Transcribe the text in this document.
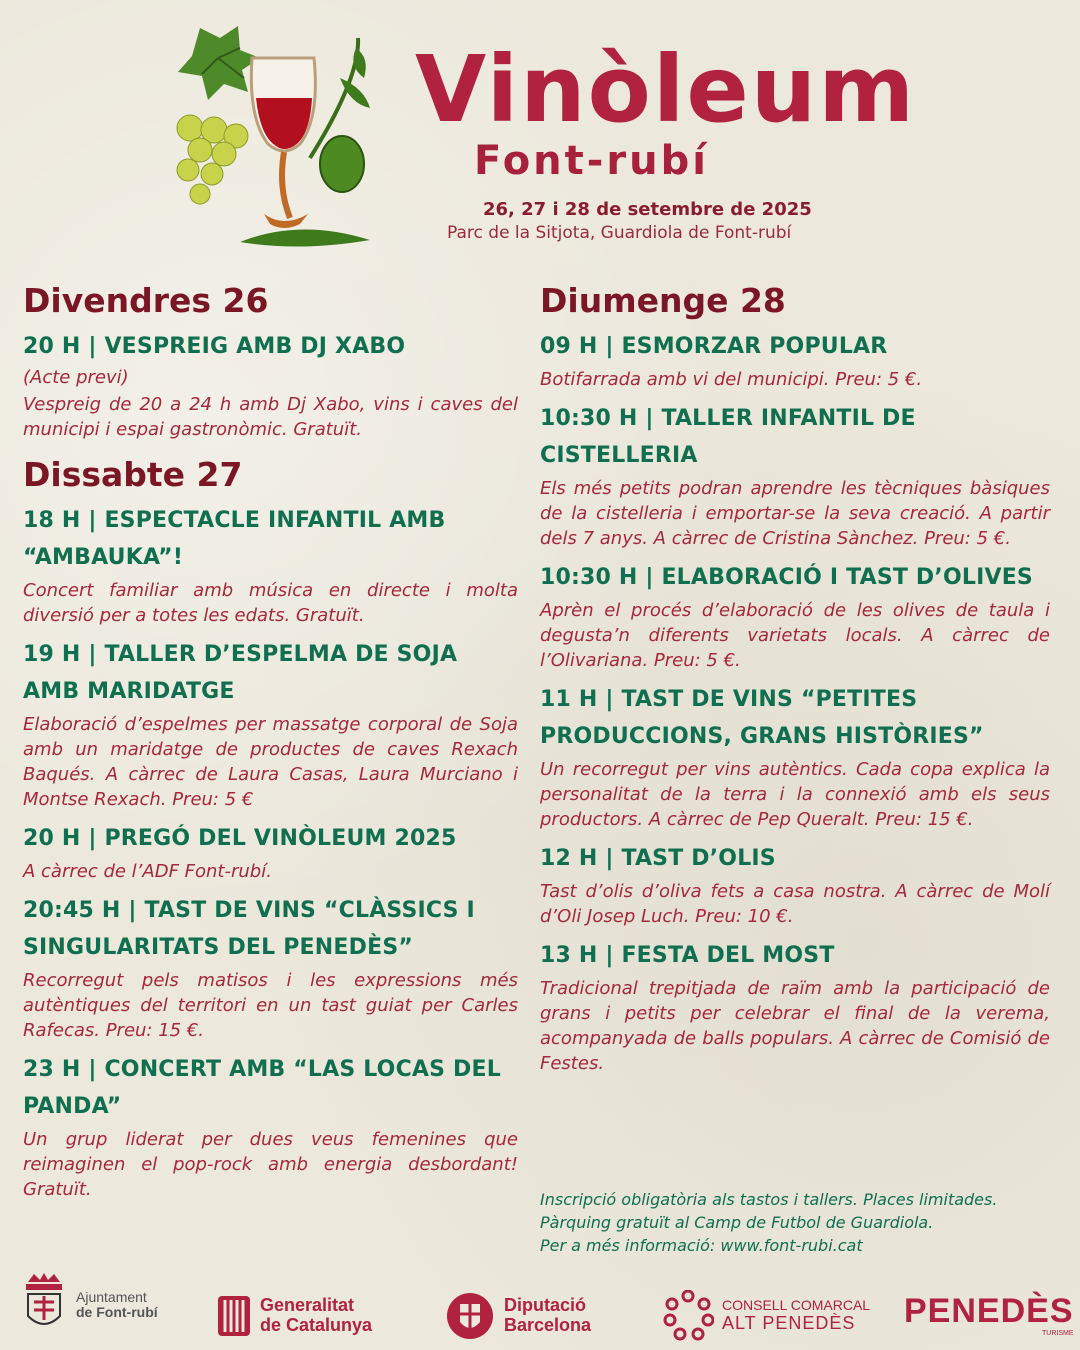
Vinòleum
Font-rubí
26, 27 i 28 de setembre de 2025
Parc de la Sitjota, Guardiola de Font-rubí
Divendres 26

20 H | VESPREIG AMB DJ XABO

(Acte previ)

Vespreig de 20 a 24 h amb Dj Xabo, vins i caves del municipi i espai gastronòmic. Gratuït.

Dissabte 27

18 H | ESPECTACLE INFANTIL AMB “AMBAUKA”!

Concert familiar amb música en directe i molta diversió per a totes les edats. Gratuït.

19 H | TALLER D’ESPELMA DE SOJA AMB MARIDATGE

Elaboració d’espelmes per massatge corporal de Soja amb un maridatge de productes de caves Rexach Baqués. A càrrec de Laura Casas, Laura Murciano i Montse Rexach. Preu: 5 €

20 H | PREGÓ DEL VINÒLEUM 2025

A càrrec de l’ADF Font-rubí.

20:45 H | TAST DE VINS “CLÀSSICS I SINGULARITATS DEL PENEDÈS”

Recorregut pels matisos i les expressions més autèntiques del territori en un tast guiat per Carles Rafecas. Preu: 15 €.

23 H | CONCERT AMB “LAS LOCAS DEL PANDA”

Un grup liderat per dues veus femenines que reimaginen el pop-rock amb energia desbordant! Gratuït.

Diumenge 28

09 H | ESMORZAR POPULAR

Botifarrada amb vi del municipi. Preu: 5 €.

10:30 H | TALLER INFANTIL DE CISTELLERIA

Els més petits podran aprendre les tècniques bàsiques de la cistelleria i emportar-se la seva creació. A partir dels 7 anys. A càrrec de Cristina Sànchez. Preu: 5 €.

10:30 H | ELABORACIÓ I TAST D’OLIVES

Aprèn el procés d’elaboració de les olives de taula i degusta’n diferents varietats locals. A càrrec de l’Olivariana. Preu: 5 €.

11 H | TAST DE VINS “PETITES PRODUCCIONS, GRANS HISTÒRIES”

Un recorregut per vins autèntics. Cada copa explica la personalitat de la terra i la connexió amb els seus productors. A càrrec de Pep Queralt. Preu: 15 €.

12 H | TAST D’OLIS

Tast d’olis d’oliva fets a casa nostra. A càrrec de Molí d’Oli Josep Luch. Preu: 10 €.

13 H | FESTA DEL MOST

Tradicional trepitjada de raïm amb la participació de grans i petits per celebrar el final de la verema, acompanyada de balls populars. A càrrec de Comisió de Festes.

Inscripció obligatòria als tastos i tallers. Places limitades.
Pàrquing gratuït al Camp de Futbol de Guardiola.
Per a més informació: www.font-rubi.cat
Ajuntament
de Font-rubí	Generalitat
de Catalunya
Diputació
Barcelona
CONSELL COMARCAL
ALT PENEDÈS	PENEDÈS
TURISME
